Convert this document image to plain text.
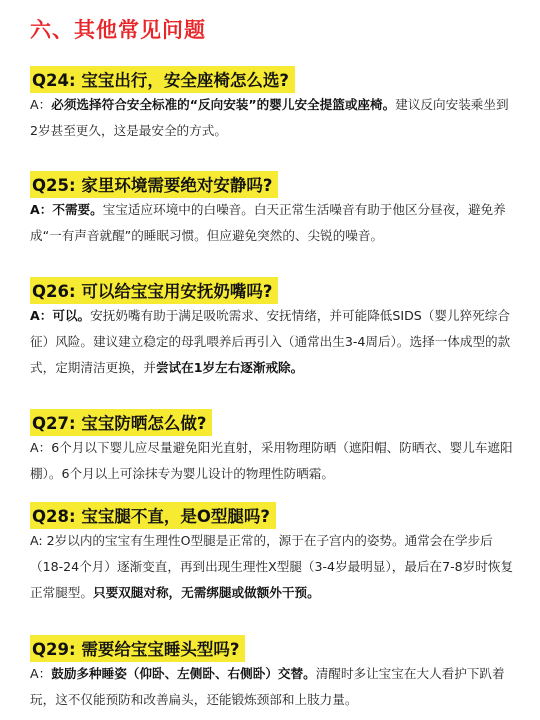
六、其他常见问题
Q24: 宝宝出行，安全座椅怎么选?
A：必须选择符合安全标准的“反向安装”的婴儿安全提篮或座椅。建议反向安装乘坐到2岁甚至更久，这是最安全的方式。
Q25: 家里环境需要绝对安静吗?
A：不需要。宝宝适应环境中的白噪音。白天正常生活噪音有助于他区分昼夜，避免养成“一有声音就醒”的睡眠习惯。但应避免突然的、尖锐的噪音。
Q26: 可以给宝宝用安抚奶嘴吗?
A：可以。安抚奶嘴有助于满足吸吮需求、安抚情绪，并可能降低SIDS（婴儿猝死综合征）风险。建议建立稳定的母乳喂养后再引入（通常出生3-4周后）。选择一体成型的款式，定期清洁更换，并尝试在1岁左右逐渐戒除。
Q27: 宝宝防晒怎么做?
A：6个月以下婴儿应尽量避免阳光直射，采用物理防晒（遮阳帽、防晒衣、婴儿车遮阳棚）。6个月以上可涂抹专为婴儿设计的物理性防晒霜。
Q28: 宝宝腿不直，是O型腿吗?
A: 2岁以内的宝宝有生理性O型腿是正常的，源于在子宫内的姿势。通常会在学步后（18-24个月）逐渐变直，再到出现生理性X型腿（3-4岁最明显），最后在7-8岁时恢复正常腿型。只要双腿对称，无需绑腿或做额外干预。
Q29: 需要给宝宝睡头型吗?
A：鼓励多种睡姿（仰卧、左侧卧、右侧卧）交替。清醒时多让宝宝在大人看护下趴着玩，这不仅能预防和改善扁头，还能锻炼颈部和上肢力量。
